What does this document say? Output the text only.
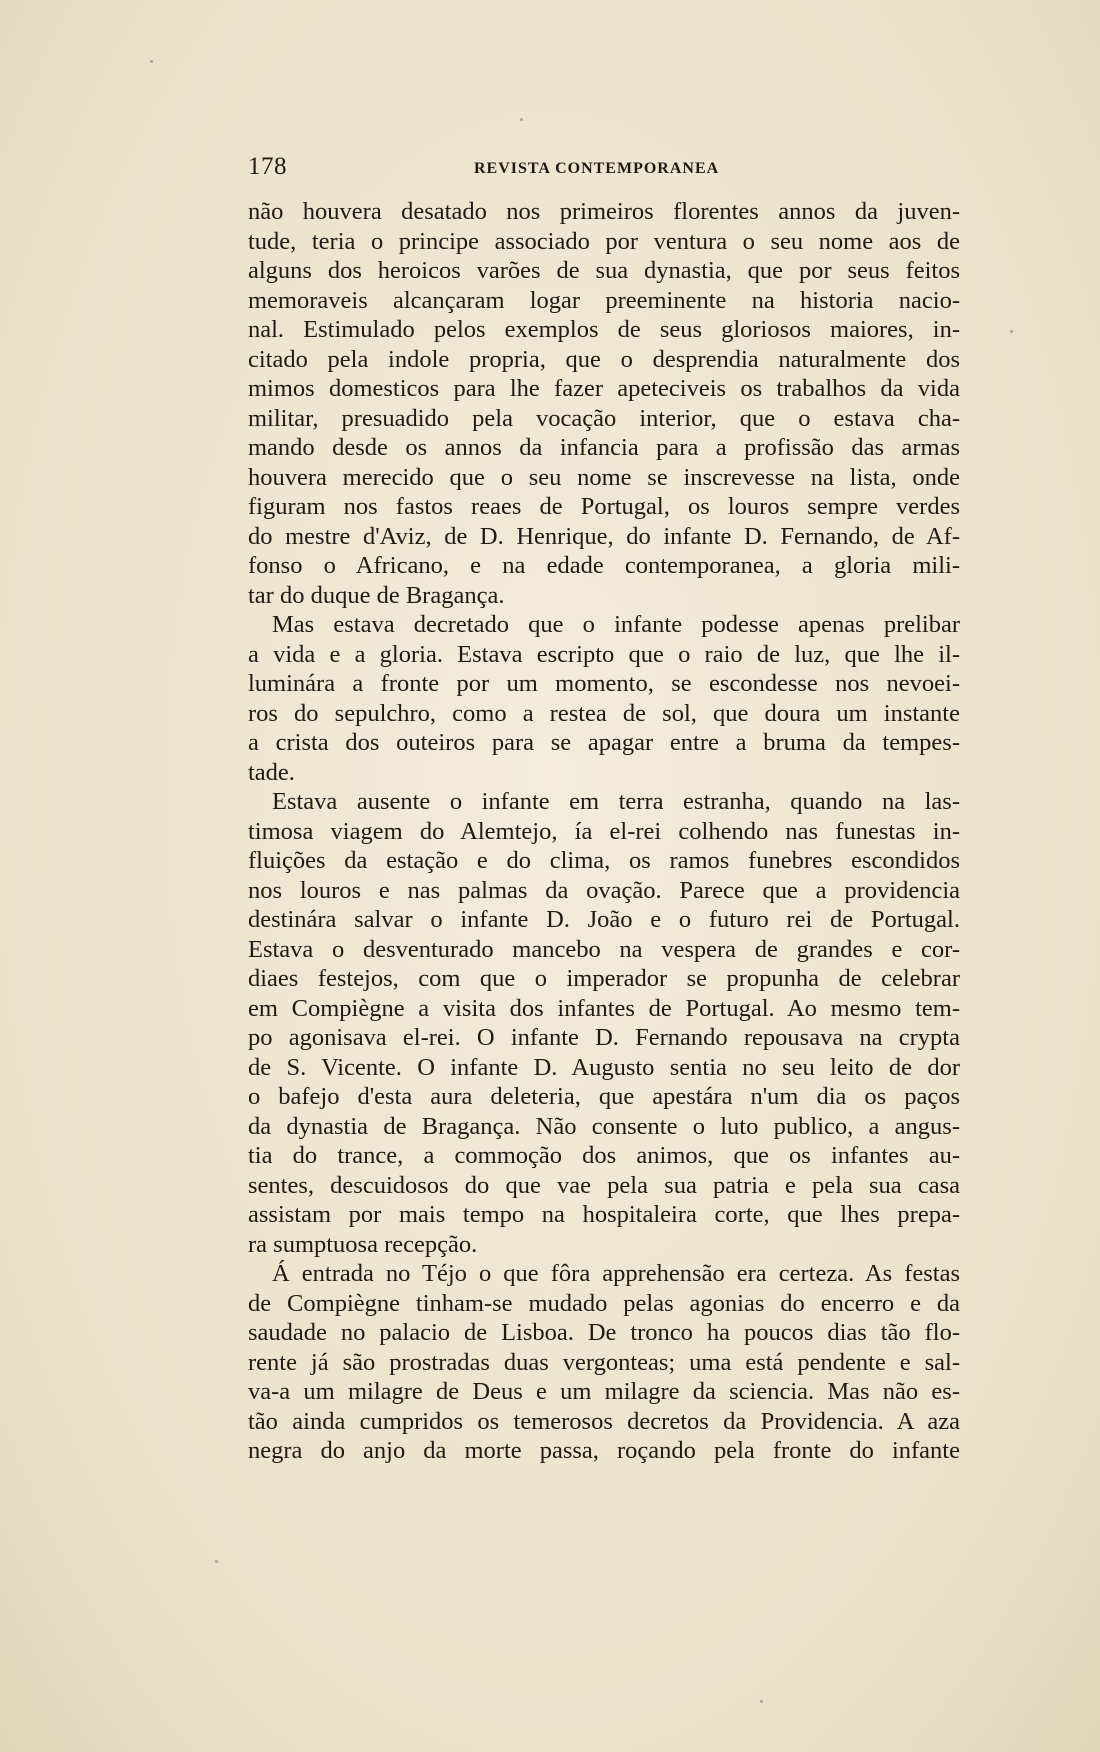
178	REVISTA CONTEMPORANEA
não houvera desatado nos primeiros florentes annos da juven-
tude, teria o principe associado por ventura o seu nome aos de
alguns dos heroicos varões de sua dynastia, que por seus feitos
memoraveis alcançaram logar preeminente na historia nacio-
nal. Estimulado pelos exemplos de seus gloriosos maiores, in-
citado pela indole propria, que o desprendia naturalmente dos
mimos domesticos para lhe fazer apeteciveis os trabalhos da vida
militar, presuadido pela vocação interior, que o estava cha-
mando desde os annos da infancia para a profissão das armas
houvera merecido que o seu nome se inscrevesse na lista, onde
figuram nos fastos reaes de Portugal, os louros sempre verdes
do mestre d'Aviz, de D. Henrique, do infante D. Fernando, de Af-
fonso o Africano, e na edade contemporanea, a gloria mili-
tar do duque de Bragança.
Mas estava decretado que o infante podesse apenas prelibar
a vida e a gloria. Estava escripto que o raio de luz, que lhe il-
luminára a fronte por um momento, se escondesse nos nevoei-
ros do sepulchro, como a restea de sol, que doura um instante
a crista dos outeiros para se apagar entre a bruma da tempes-
tade.
Estava ausente o infante em terra estranha, quando na las-
timosa viagem do Alemtejo, ía el-rei colhendo nas funestas in-
fluições da estação e do clima, os ramos funebres escondidos
nos louros e nas palmas da ovação. Parece que a providencia
destinára salvar o infante D. João e o futuro rei de Portugal.
Estava o desventurado mancebo na vespera de grandes e cor-
diaes festejos, com que o imperador se propunha de celebrar
em Compiègne a visita dos infantes de Portugal. Ao mesmo tem-
po agonisava el-rei. O infante D. Fernando repousava na crypta
de S. Vicente. O infante D. Augusto sentia no seu leito de dor
o bafejo d'esta aura deleteria, que apestára n'um dia os paços
da dynastia de Bragança. Não consente o luto publico, a angus-
tia do trance, a commoção dos animos, que os infantes au-
sentes, descuidosos do que vae pela sua patria e pela sua casa
assistam por mais tempo na hospitaleira corte, que lhes prepa-
ra sumptuosa recepção.
Á entrada no Téjo o que fôra apprehensão era certeza. As festas
de Compiègne tinham-se mudado pelas agonias do encerro e da
saudade no palacio de Lisboa. De tronco ha poucos dias tão flo-
rente já são prostradas duas vergonteas; uma está pendente e sal-
va-a um milagre de Deus e um milagre da sciencia. Mas não es-
tão ainda cumpridos os temerosos decretos da Providencia. A aza
negra do anjo da morte passa, roçando pela fronte do infante
